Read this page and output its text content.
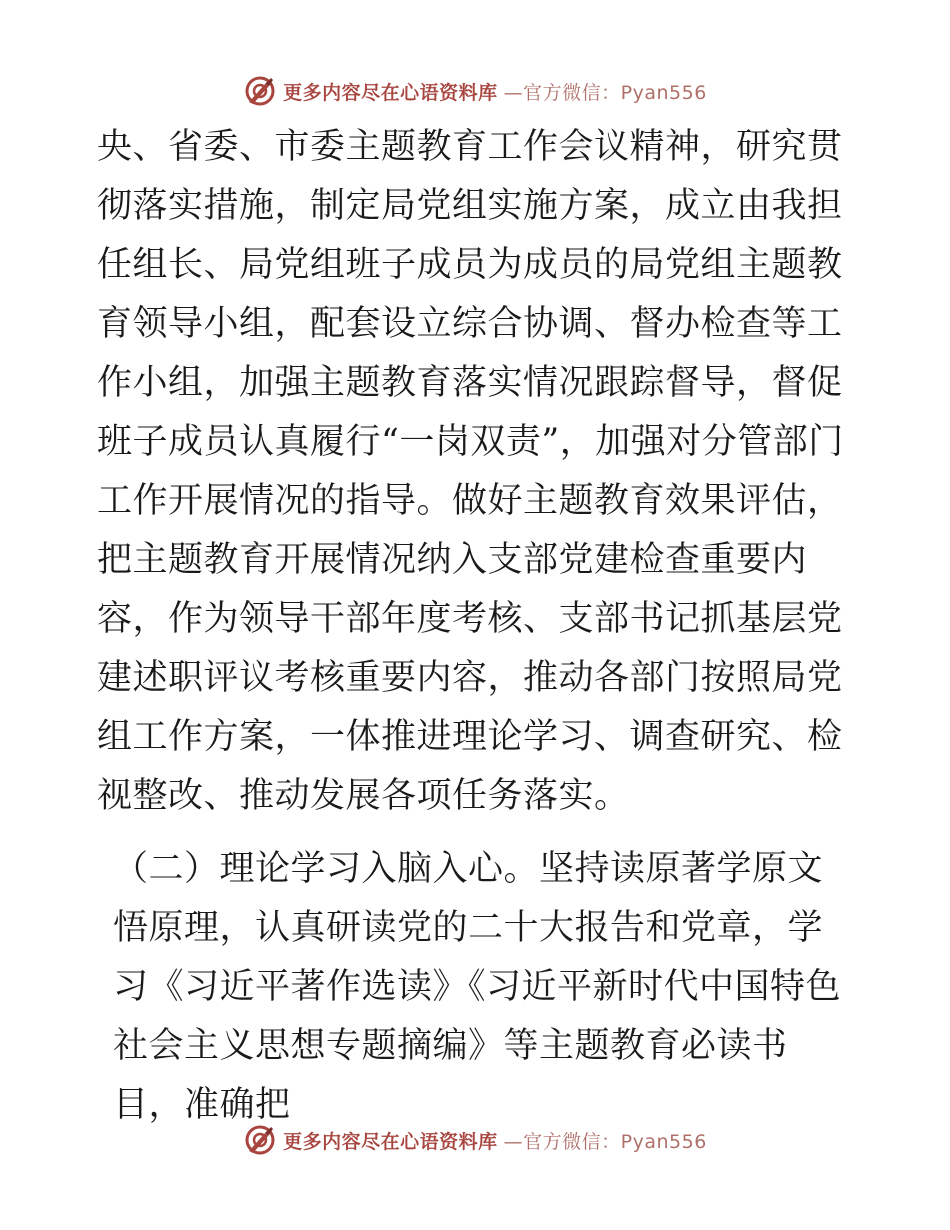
更多内容尽在心语资料库 —官方微信：Pyan556

央、省委、市委主题教育工作会议精神，研究贯彻落实措施，制定局党组实施方案，成立由我担任组长、局党组班子成员为成员的局党组主题教育领导小组，配套设立综合协调、督办检查等工作小组，加强主题教育落实情况跟踪督导，督促班子成员认真履行“一岗双责”，加强对分管部门工作开展情况的指导。做好主题教育效果评估，把主题教育开展情况纳入支部党建检查重要内容，作为领导干部年度考核、支部书记抓基层党建述职评议考核重要内容，推动各部门按照局党组工作方案，一体推进理论学习、调查研究、检视整改、推动发展各项任务落实。

（二）理论学习入脑入心。坚持读原著学原文悟原理，认真研读党的二十大报告和党章，学习《习近平著作选读》《习近平新时代中国特色社会主义思想专题摘编》等主题教育必读书目，准确把

更多内容尽在心语资料库 —官方微信：Pyan556
